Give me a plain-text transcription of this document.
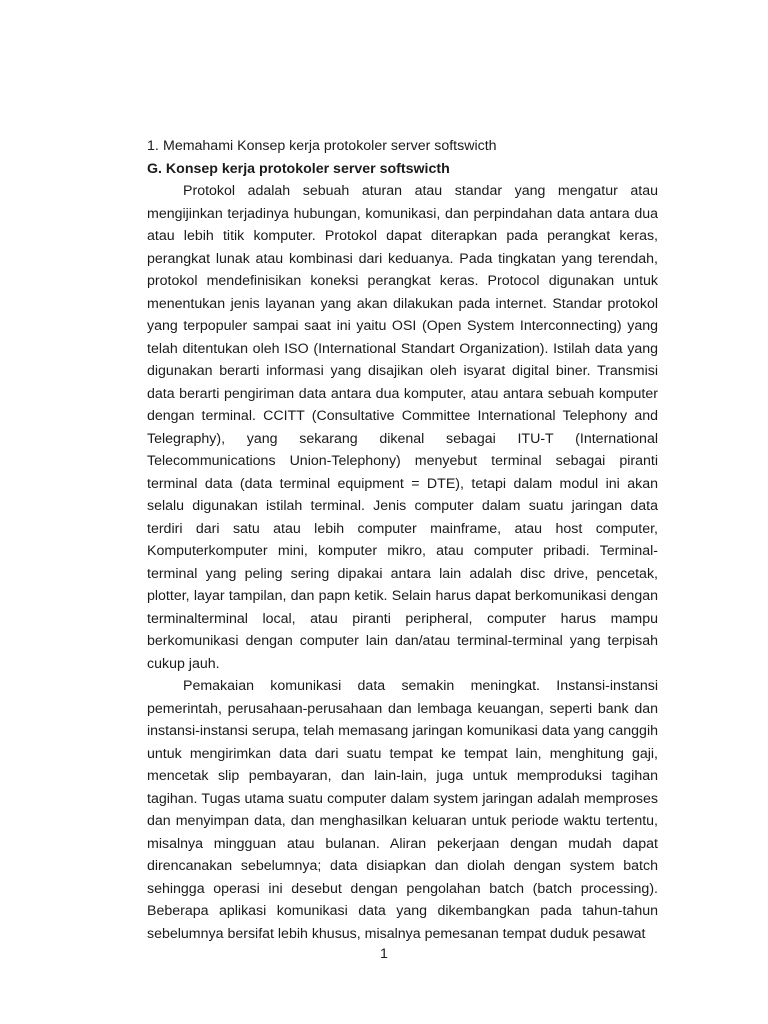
1. Memahami Konsep kerja protokoler server softswicth

G. Konsep kerja protokoler server softswicth

Protokol adalah sebuah aturan atau standar yang mengatur atau mengijinkan terjadinya hubungan, komunikasi, dan perpindahan data antara dua atau lebih titik komputer. Protokol dapat diterapkan pada perangkat keras, perangkat lunak atau kombinasi dari keduanya. Pada tingkatan yang terendah, protokol mendefinisikan koneksi perangkat keras. Protocol digunakan untuk menentukan jenis layanan yang akan dilakukan pada internet. Standar protokol yang terpopuler sampai saat ini yaitu OSI (Open System Interconnecting) yang telah ditentukan oleh ISO (International Standart Organization). Istilah data yang digunakan berarti informasi yang disajikan oleh isyarat digital biner. Transmisi data berarti pengiriman data antara dua komputer, atau antara sebuah komputer dengan terminal. CCITT (Consultative Committee International Telephony and Telegraphy), yang sekarang dikenal sebagai ITU-T (International Telecommunications Union-Telephony) menyebut terminal sebagai piranti terminal data (data terminal equipment = DTE), tetapi dalam modul ini akan selalu digunakan istilah terminal. Jenis computer dalam suatu jaringan data terdiri dari satu atau lebih computer mainframe, atau host computer, Komputerkomputer mini, komputer mikro, atau computer pribadi. Terminal-terminal yang peling sering dipakai antara lain adalah disc drive, pencetak, plotter, layar tampilan, dan papn ketik. Selain harus dapat berkomunikasi dengan terminalterminal local, atau piranti peripheral, computer harus mampu berkomunikasi dengan computer lain dan/atau terminal-terminal yang terpisah cukup jauh.

Pemakaian komunikasi data semakin meningkat. Instansi-instansi pemerintah, perusahaan-perusahaan dan lembaga keuangan, seperti bank dan instansi-instansi serupa, telah memasang jaringan komunikasi data yang canggih untuk mengirimkan data dari suatu tempat ke tempat lain, menghitung gaji, mencetak slip pembayaran, dan lain-lain, juga untuk memproduksi tagihan tagihan. Tugas utama suatu computer dalam system jaringan adalah memproses dan menyimpan data, dan menghasilkan keluaran untuk periode waktu tertentu, misalnya mingguan atau bulanan. Aliran pekerjaan dengan mudah dapat direncanakan sebelumnya; data disiapkan dan diolah dengan system batch sehingga operasi ini desebut dengan pengolahan batch (batch processing). Beberapa aplikasi komunikasi data yang dikembangkan pada tahun-tahun sebelumnya bersifat lebih khusus, misalnya pemesanan tempat duduk pesawat

1
